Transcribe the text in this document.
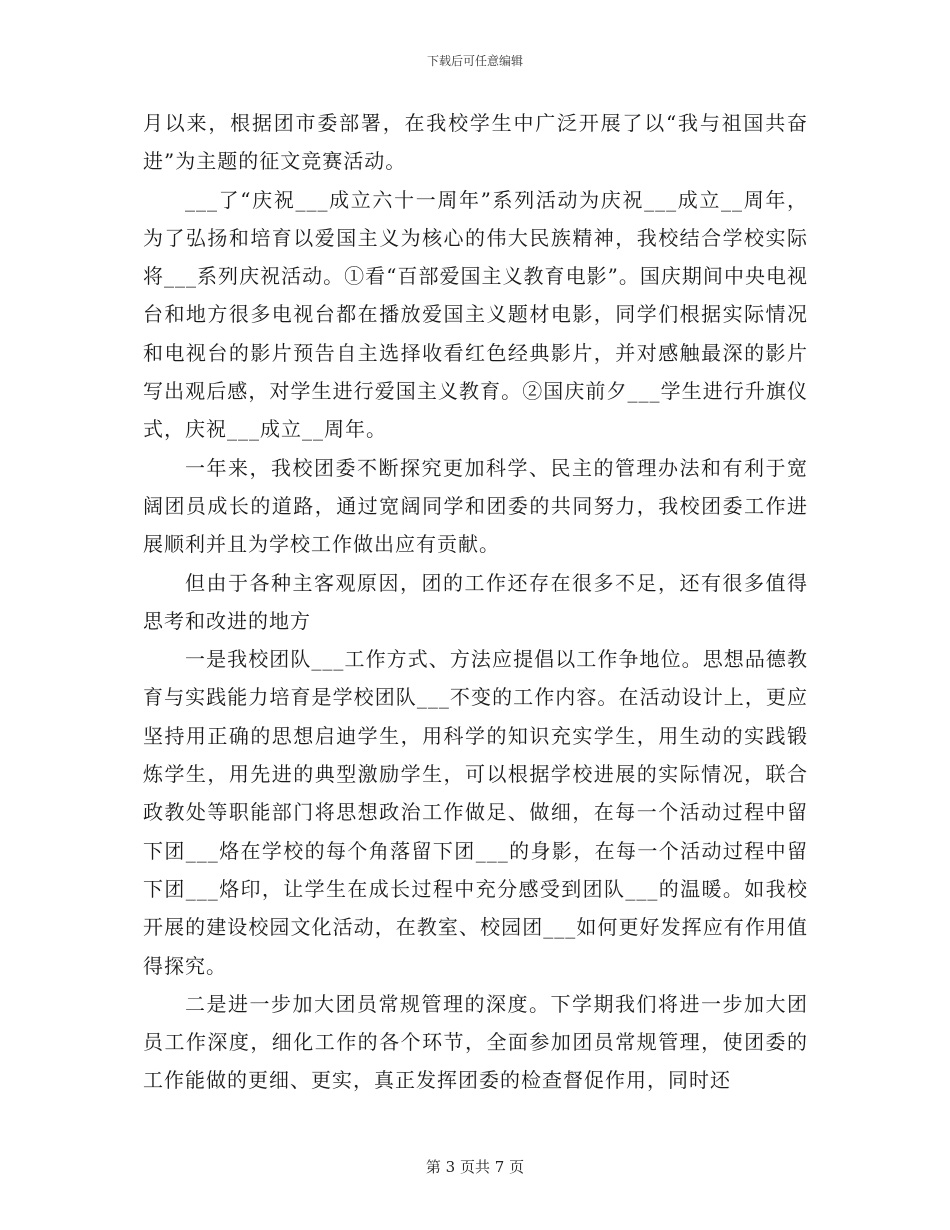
下载后可任意编辑

月以来，根据团市委部署，在我校学生中广泛开展了以“我与祖国共奋进”为主题的征文竞赛活动。

___了“庆祝___成立六十一周年”系列活动为庆祝___成立__周年，为了弘扬和培育以爱国主义为核心的伟大民族精神，我校结合学校实际将___系列庆祝活动。①看“百部爱国主义教育电影”。国庆期间中央电视台和地方很多电视台都在播放爱国主义题材电影，同学们根据实际情况和电视台的影片预告自主选择收看红色经典影片，并对感触最深的影片写出观后感，对学生进行爱国主义教育。②国庆前夕___学生进行升旗仪式，庆祝___成立__周年。

一年来，我校团委不断探究更加科学、民主的管理办法和有利于宽阔团员成长的道路，通过宽阔同学和团委的共同努力，我校团委工作进展顺利并且为学校工作做出应有贡献。

但由于各种主客观原因，团的工作还存在很多不足，还有很多值得思考和改进的地方

一是我校团队___工作方式、方法应提倡以工作争地位。思想品德教育与实践能力培育是学校团队___不变的工作内容。在活动设计上，更应坚持用正确的思想启迪学生，用科学的知识充实学生，用生动的实践锻炼学生，用先进的典型激励学生，可以根据学校进展的实际情况，联合政教处等职能部门将思想政治工作做足、做细，在每一个活动过程中留下团___烙在学校的每个角落留下团___的身影，在每一个活动过程中留下团___烙印，让学生在成长过程中充分感受到团队___的温暖。如我校开展的建设校园文化活动，在教室、校园团___如何更好发挥应有作用值得探究。

二是进一步加大团员常规管理的深度。下学期我们将进一步加大团员工作深度，细化工作的各个环节，全面参加团员常规管理，使团委的工作能做的更细、更实，真正发挥团委的检查督促作用，同时还

第 3 页共 7 页
